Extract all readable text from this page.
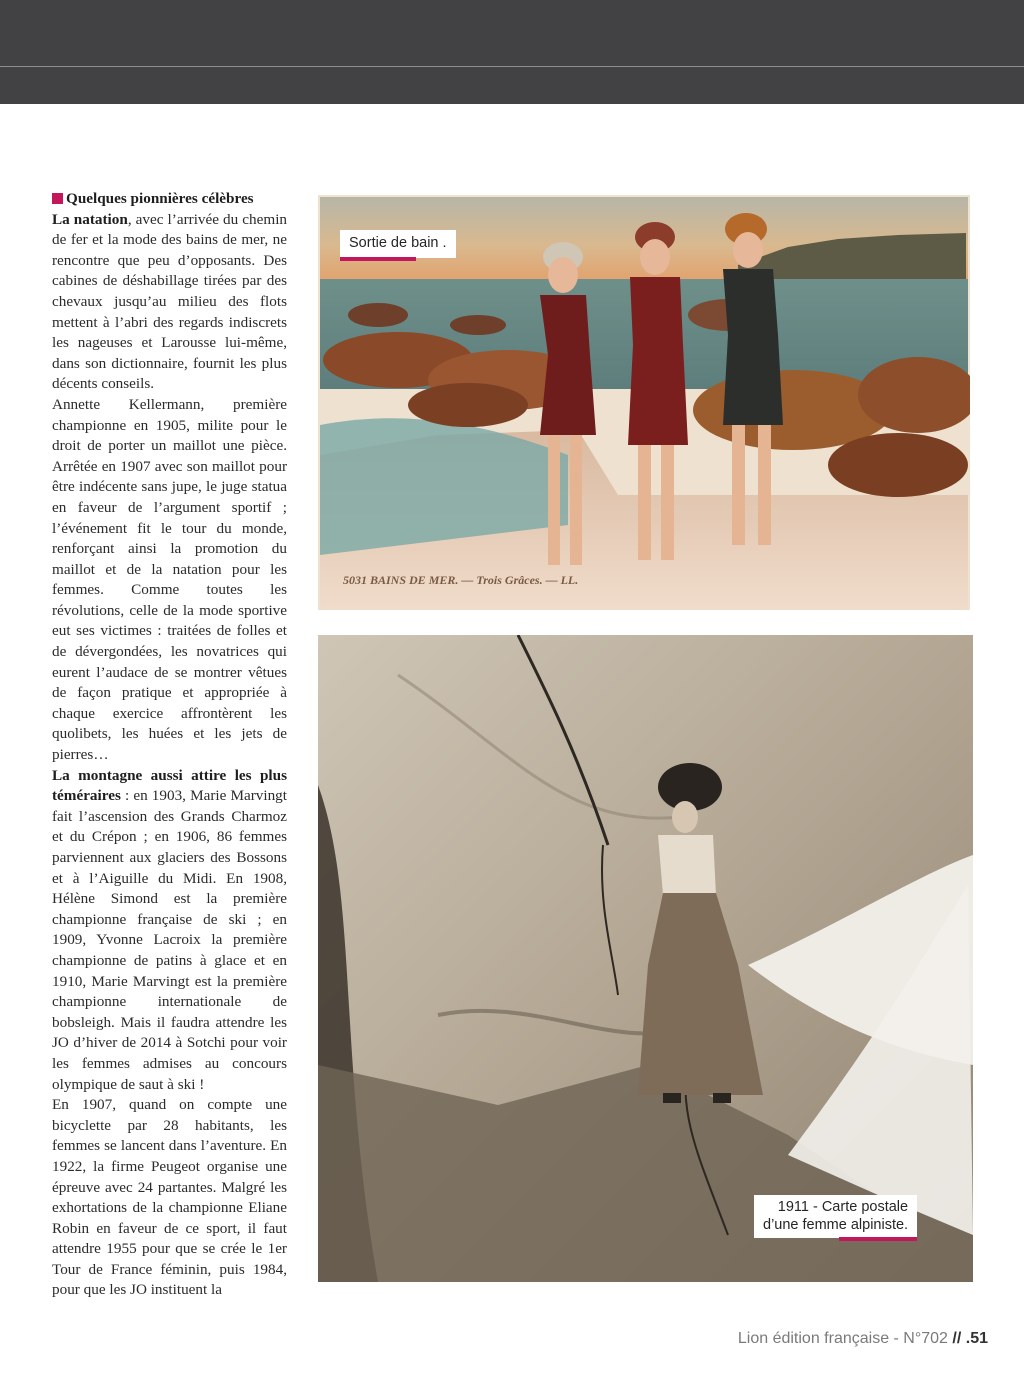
Quelques pionnières célèbres

La natation, avec l’arrivée du chemin de fer et la mode des bains de mer, ne rencontre que peu d’opposants. Des cabines de déshabillage tirées par des chevaux jusqu’au milieu des flots mettent à l’abri des regards indiscrets les nageuses et Larousse lui-même, dans son dictionnaire, fournit les plus décents conseils.

Annette Kellermann, première championne en 1905, milite pour le droit de porter un maillot une pièce. Arrêtée en 1907 avec son maillot pour être indécente sans jupe, le juge statua en faveur de l’argument sportif ; l’événement fit le tour du monde, renforçant ainsi la promotion du maillot et de la natation pour les femmes. Comme toutes les révolutions, celle de la mode sportive eut ses victimes : traitées de folles et de dévergondées, les novatrices qui eurent l’audace de se montrer vêtues de façon pratique et appropriée à chaque exercice affrontèrent les quolibets, les huées et les jets de pierres…

La montagne aussi attire les plus téméraires : en 1903, Marie Marvingt fait l’ascension des Grands Charmoz et du Crépon ; en 1906, 86 femmes parviennent aux glaciers des Bossons et à l’Aiguille du Midi. En 1908, Hélène Simond est la première championne française de ski ; en 1909, Yvonne Lacroix la première championne de patins à glace et en 1910, Marie Marvingt est la première championne internationale de bobsleigh. Mais il faudra attendre les JO d’hiver de 2014 à Sotchi pour voir les femmes admises au concours olympique de saut à ski !

En 1907, quand on compte une bicyclette par 28 habitants, les femmes se lancent dans l’aventure. En 1922, la firme Peugeot organise une épreuve avec 24 partantes. Malgré les exhortations de la championne Eliane Robin en faveur de ce sport, il faut attendre 1955 pour que se crée le 1er Tour de France féminin, puis 1984, pour que les JO instituent la

5031 BAINS DE MER. — Trois Grâces. — LL.
Sortie de bain .
1911 - Carte postale
d’une femme alpiniste.
Lion édition française - N°702 // .51
